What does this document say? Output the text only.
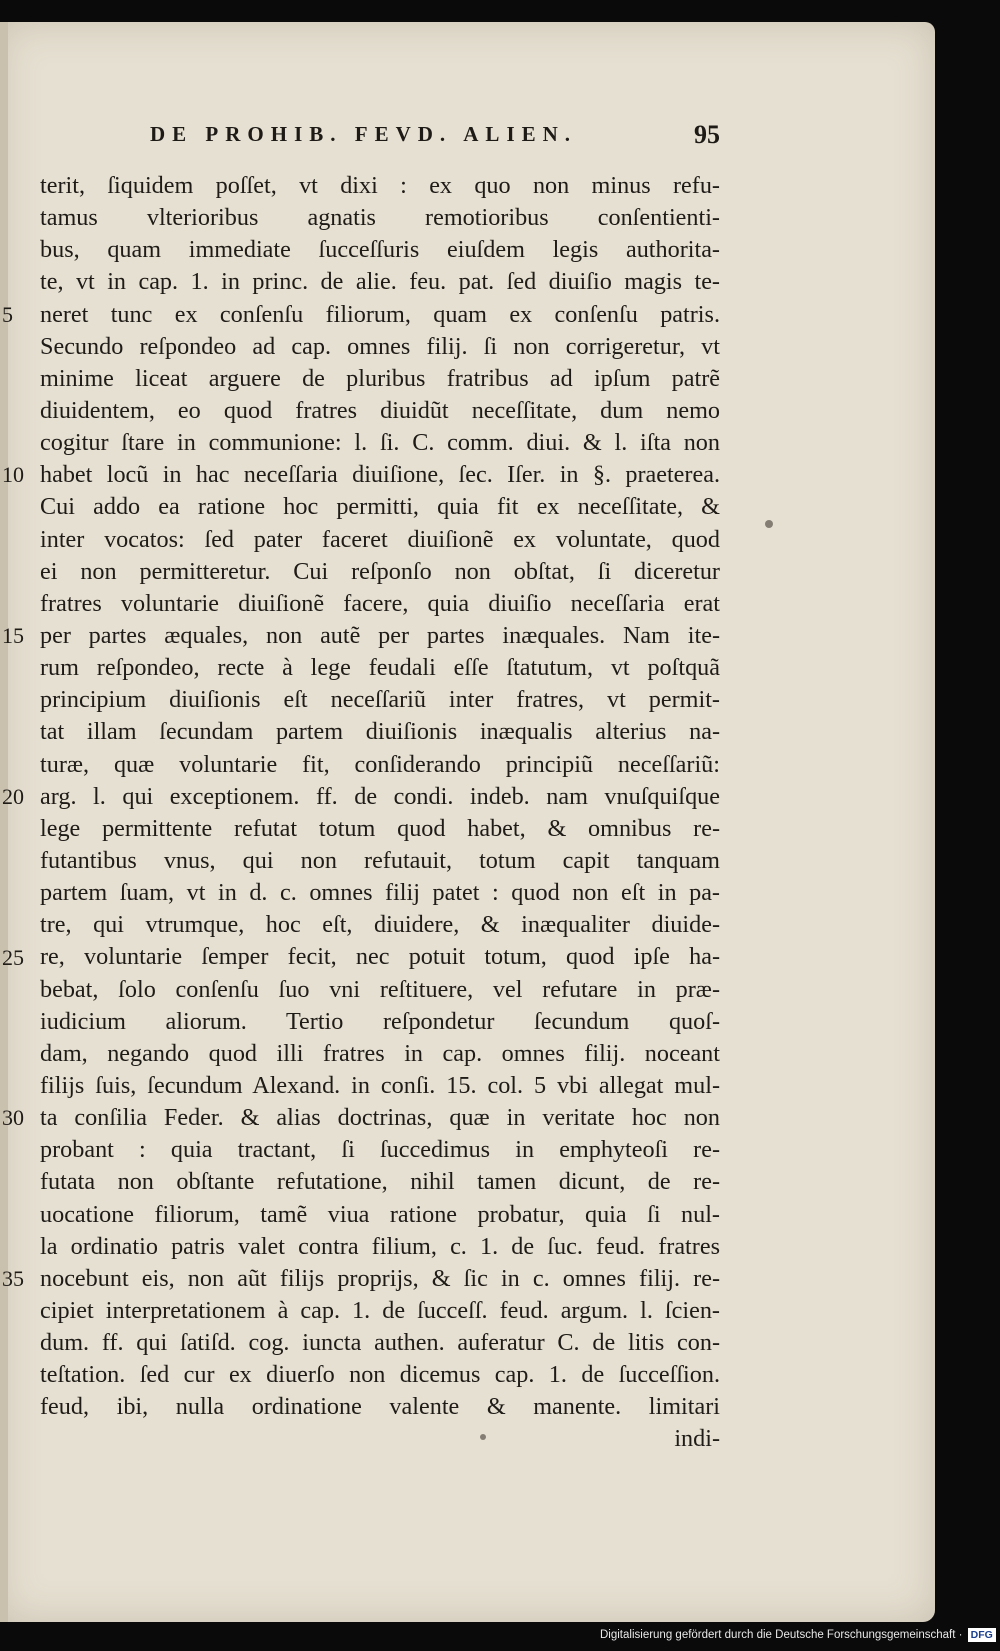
DE PROHIB. FEVD. ALIEN.	95
5
10
15
20
25
30
35
terit, ſiquidem poſſet, vt dixi : ex quo non minus refu-
tamus vlterioribus agnatis remotioribus conſentienti-
bus, quam immediate ſucceſſuris eiuſdem legis authorita-
te, vt in cap. 1. in princ. de alie. feu. pat. ſed diuiſio magis te-
neret tunc ex conſenſu filiorum, quam ex conſenſu patris.
Secundo reſpondeo ad cap. omnes filij. ſi non corrigeretur, vt
minime liceat arguere de pluribus fratribus ad ipſum patrẽ
diuidentem, eo quod fratres diuidũt neceſſitate, dum nemo
cogitur ſtare in communione: l. ſi. C. comm. diui. & l. iſta non
habet locũ in hac neceſſaria diuiſione, ſec. Iſer. in §. praeterea.
Cui addo ea ratione hoc permitti, quia fit ex neceſſitate, &
inter vocatos: ſed pater faceret diuiſionẽ ex voluntate, quod
ei non permitteretur. Cui reſponſo non obſtat, ſi diceretur
fratres voluntarie diuiſionẽ facere, quia diuiſio neceſſaria erat
per partes æquales, non autẽ per partes inæquales. Nam ite-
rum reſpondeo, recte à lege feudali eſſe ſtatutum, vt poſtquã
principium diuiſionis eſt neceſſariũ inter fratres, vt permit-
tat illam ſecundam partem diuiſionis inæqualis alterius na-
turæ, quæ voluntarie fit, conſiderando principiũ neceſſariũ:
arg. l. qui exceptionem. ff. de condi. indeb. nam vnuſquiſque
lege permittente refutat totum quod habet, & omnibus re-
futantibus vnus, qui non refutauit, totum capit tanquam
partem ſuam, vt in d. c. omnes filij patet : quod non eſt in pa-
tre, qui vtrumque, hoc eſt, diuidere, & inæqualiter diuide-
re, voluntarie ſemper fecit, nec potuit totum, quod ipſe ha-
bebat, ſolo conſenſu ſuo vni reſtituere, vel refutare in præ-
iudicium aliorum. Tertio reſpondetur ſecundum quoſ-
dam, negando quod illi fratres in cap. omnes filij. noceant
filijs ſuis, ſecundum Alexand. in conſi. 15. col. 5 vbi allegat mul-
ta conſilia Feder. & alias doctrinas, quæ in veritate hoc non
probant : quia tractant, ſi ſuccedimus in emphyteoſi re-
futata non obſtante refutatione, nihil tamen dicunt, de re-
uocatione filiorum, tamẽ viua ratione probatur, quia ſi nul-
la ordinatio patris valet contra filium, c. 1. de ſuc. feud. fratres
nocebunt eis, non aũt filijs proprijs, & ſic in c. omnes filij. re-
cipiet interpretationem à cap. 1. de ſucceſſ. feud. argum. l. ſcien-
dum. ff. qui ſatiſd. cog. iuncta authen. auferatur C. de litis con-
teſtation. ſed cur ex diuerſo non dicemus cap. 1. de ſucceſſion.
feud, ibi, nulla ordinatione valente & manente. limitari
indi-
Digitalisierung gefördert durch die Deutsche Forschungsgemeinschaft · DFG
